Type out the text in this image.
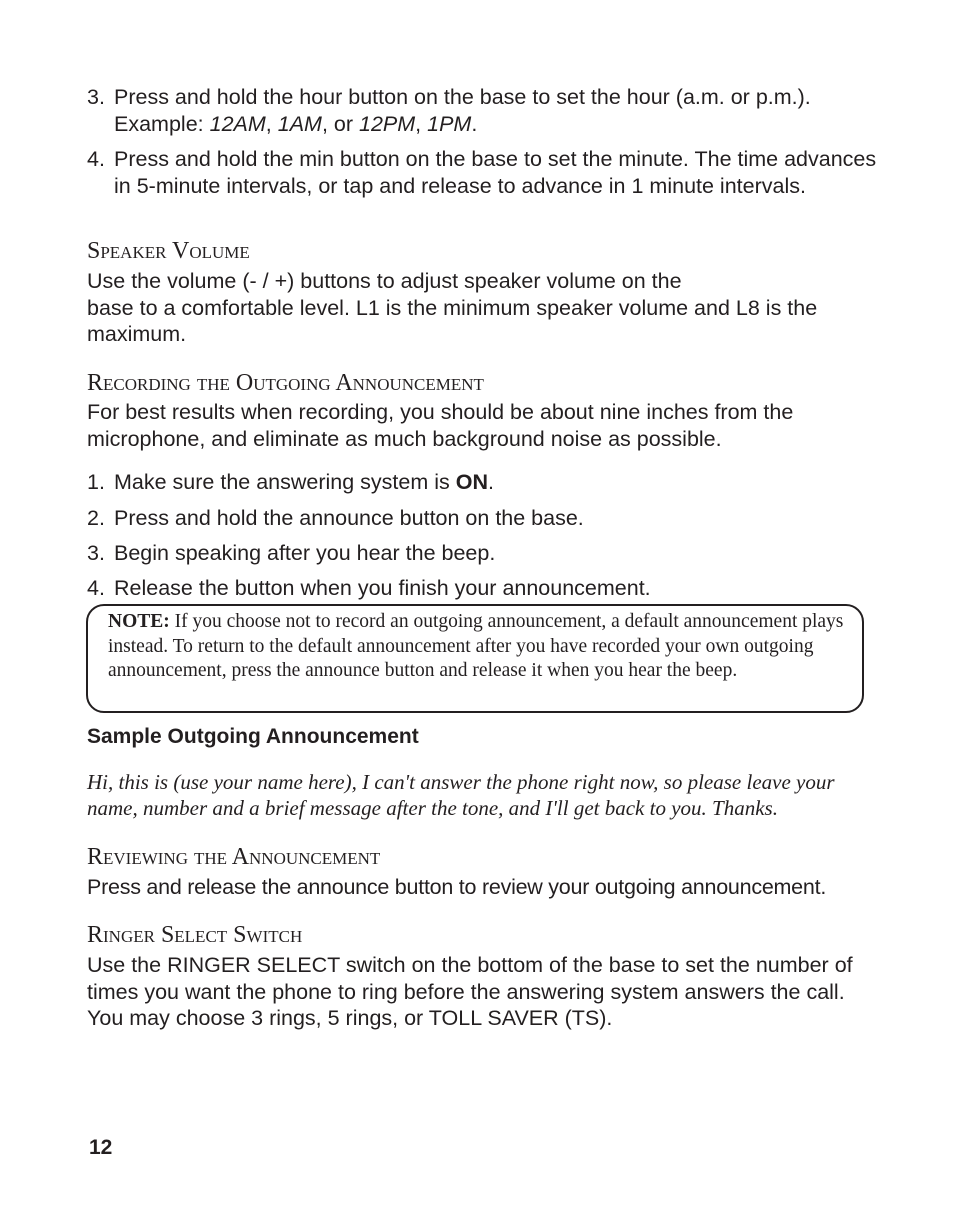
3. Press and hold the hour button on the base to set the hour (a.m. or p.m.). Example: 12AM, 1AM, or 12PM, 1PM.
4. Press and hold the min button on the base to set the minute. The time advances in 5-minute intervals, or tap and release to advance in 1 minute intervals.
Speaker Volume

Use the volume (- / +) buttons to adjust speaker volume on the
base to a comfortable level. L1 is the minimum speaker volume and L8 is the maximum.

Recording the Outgoing Announcement

For best results when recording, you should be about nine inches from the microphone, and eliminate as much background noise as possible.

1. Make sure the answering system is ON.
2. Press and hold the announce button on the base.
3. Begin speaking after you hear the beep.
4. Release the button when you finish your announcement.

NOTE: If you choose not to record an outgoing announcement, a default announcement plays instead. To return to the default announcement after you have recorded your own outgoing announcement, press the announce button and release it when you hear the beep.

Sample Outgoing Announcement

Hi, this is (use your name here), I can't answer the phone right now, so please leave your name, number and a brief message after the tone, and I'll get back to you. Thanks.

Reviewing the Announcement

Press and release the announce button to review your outgoing announcement.

Ringer Select Switch

Use the RINGER SELECT switch on the bottom of the base to set the number of times you want the phone to ring before the answering system answers the call. You may choose 3 rings, 5 rings, or TOLL SAVER (TS).

12
